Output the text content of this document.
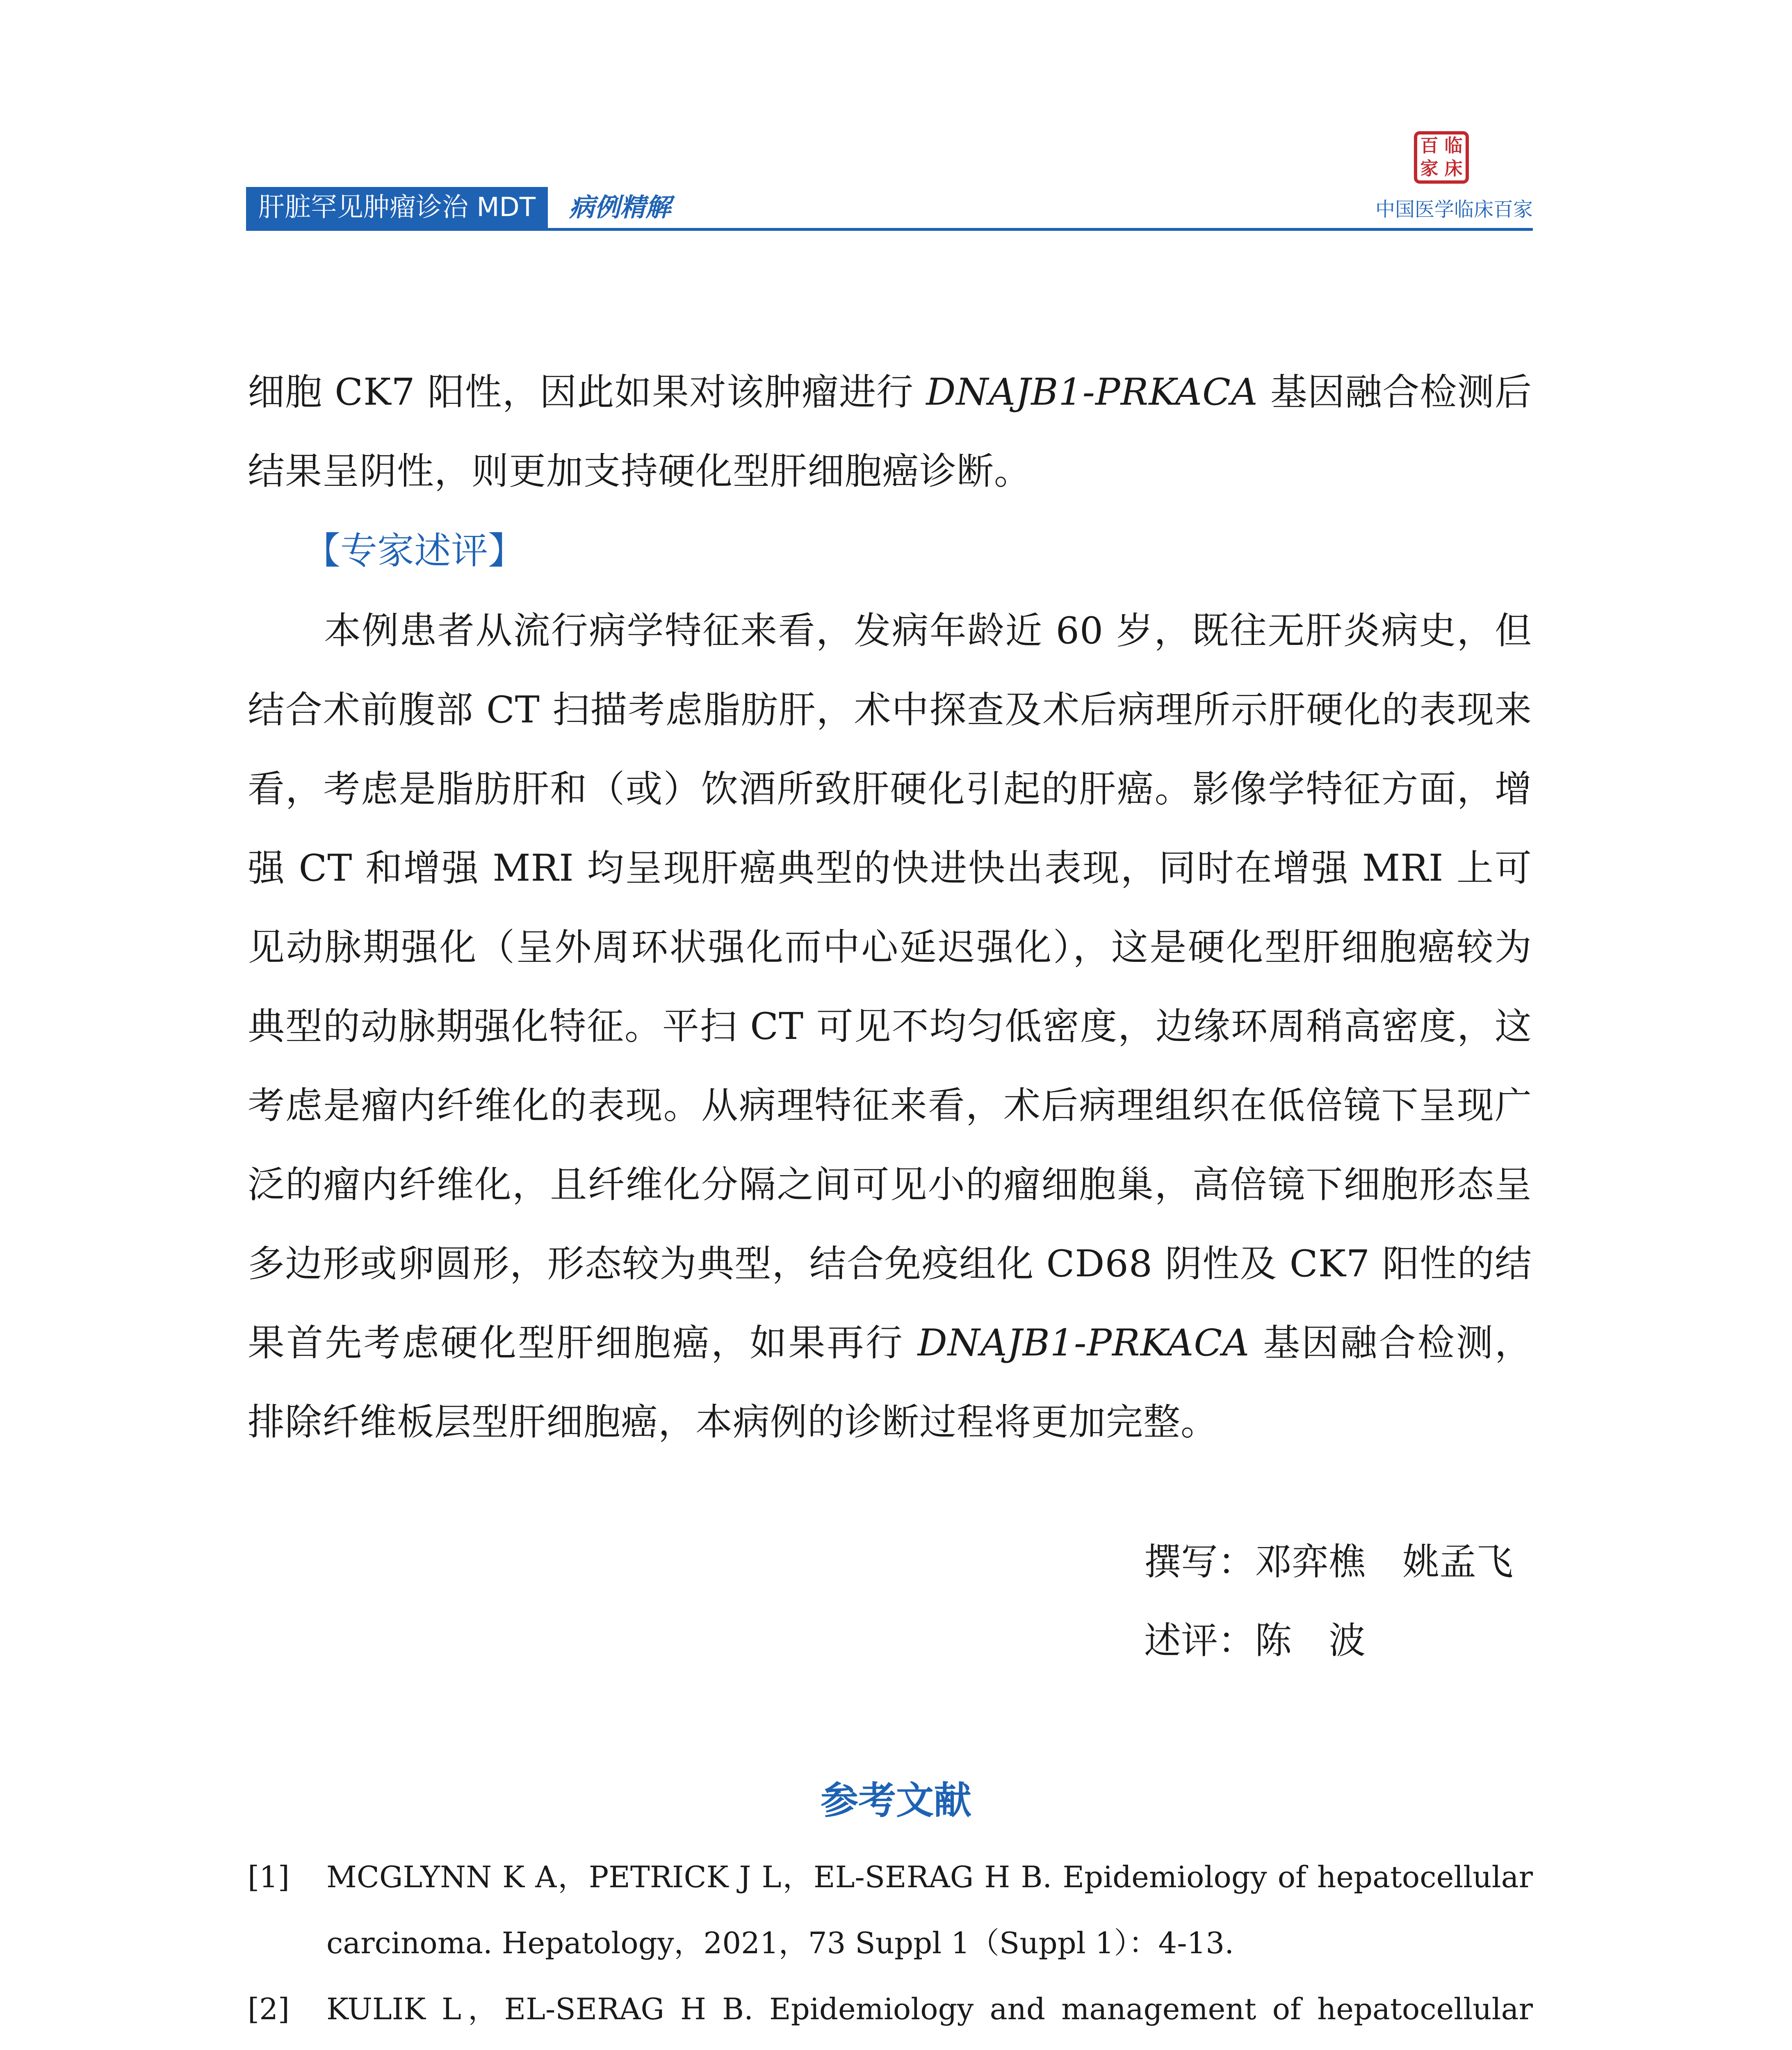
百 临
家 床
肝脏罕见肿瘤诊治 MDT	病例精解	中国医学临床百家
细胞 CK7 阳性，因此如果对该肿瘤进行 DNAJB1-PRKACA 基因融合检测后结果呈阴性，则更加支持硬化型肝细胞癌诊断。
【专家述评】
本例患者从流行病学特征来看，发病年龄近 60 岁，既往无肝炎病史，但结合术前腹部 CT 扫描考虑脂肪肝，术中探查及术后病理所示肝硬化的表现来看，考虑是脂肪肝和（或）饮酒所致肝硬化引起的肝癌。影像学特征方面，增强 CT 和增强 MRI 均呈现肝癌典型的快进快出表现，同时在增强 MRI 上可见动脉期强化（呈外周环状强化而中心延迟强化），这是硬化型肝细胞癌较为典型的动脉期强化特征。平扫 CT 可见不均匀低密度，边缘环周稍高密度，这考虑是瘤内纤维化的表现。从病理特征来看，术后病理组织在低倍镜下呈现广泛的瘤内纤维化，且纤维化分隔之间可见小的瘤细胞巢，高倍镜下细胞形态呈多边形或卵圆形，形态较为典型，结合免疫组化 CD68 阴性及 CK7 阳性的结果首先考虑硬化型肝细胞癌，如果再行 DNAJB1-PRKACA 基因融合检测，排除纤维板层型肝细胞癌，本病例的诊断过程将更加完整。
撰写：邓弈樵　姚孟飞
述评：陈　波
参考文献
[1] MCGLYNN K A，PETRICK J L，EL-SERAG H B. Epidemiology of hepatocellular carcinoma. Hepatology，2021，73 Suppl 1（Suppl 1）：4-13.
[2] KULIK L，EL-SERAG H B. Epidemiology and management of hepatocellular
